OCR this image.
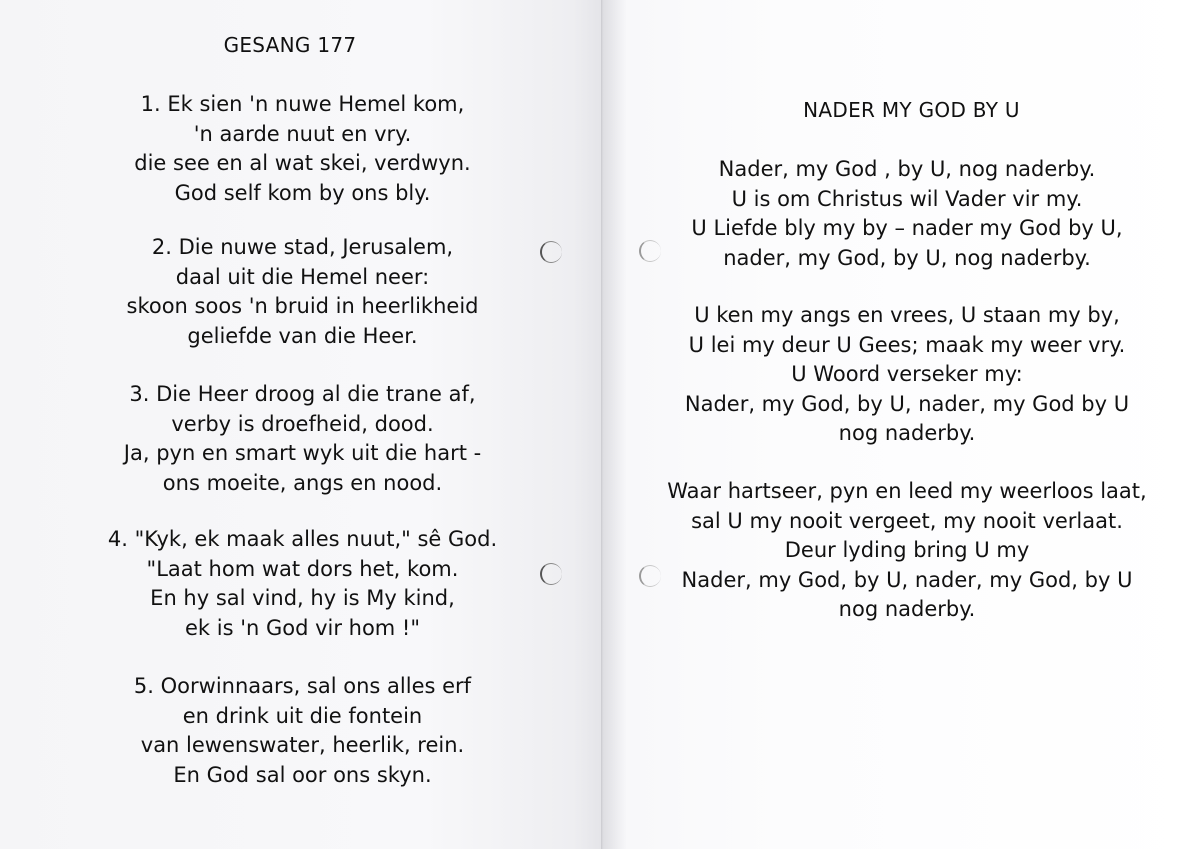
GESANG 177

1. Ek sien 'n nuwe Hemel kom,
'n aarde nuut en vry.
die see en al wat skei, verdwyn.
God self kom by ons bly.

2. Die nuwe stad, Jerusalem,
daal uit die Hemel neer:
skoon soos 'n bruid in heerlikheid
geliefde van die Heer.

3. Die Heer droog al die trane af,
verby is droefheid, dood.
Ja, pyn en smart wyk uit die hart -
ons moeite, angs en nood.

4. "Kyk, ek maak alles nuut," sê God.
"Laat hom wat dors het, kom.
En hy sal vind, hy is My kind,
ek is 'n God vir hom !"

5. Oorwinnaars, sal ons alles erf
en drink uit die fontein
van lewenswater, heerlik, rein.
En God sal oor ons skyn.

NADER MY GOD BY U

Nader, my God , by U, nog naderby.
U is om Christus wil Vader vir my.
U Liefde bly my by – nader my God by U,
nader, my God, by U, nog naderby.

U ken my angs en vrees, U staan my by,
U lei my deur U Gees; maak my weer vry.
U Woord verseker my:
Nader, my God, by U, nader, my God by U
nog naderby.

Waar hartseer, pyn en leed my weerloos laat,
sal U my nooit vergeet, my nooit verlaat.
Deur lyding bring U my
Nader, my God, by U, nader, my God, by U
nog naderby.
